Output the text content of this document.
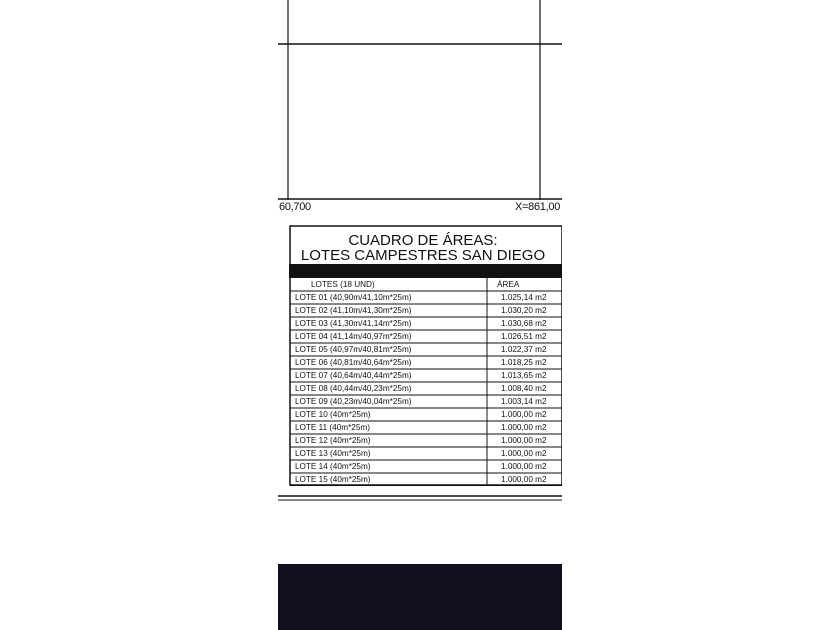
60,700	X=861,00
CUADRO DE ÁREAS:
LOTES CAMPESTRES SAN DIEGO
LOTES (18 UND)	ÁREA
LOTE 01 (40,90m/41,10m*25m)	1.025,14 m2
LOTE 02 (41,10m/41,30m*25m)	1.030,20 m2
LOTE 03 (41,30m/41,14m*25m)	1.030,68 m2
LOTE 04 (41,14m/40,97m*25m)	1.026,51 m2
LOTE 05 (40,97m/40,81m*25m)	1.022,37 m2
LOTE 06 (40,81m/40,64m*25m)	1.018,25 m2
LOTE 07 (40,64m/40,44m*25m)	1.013,65 m2
LOTE 08 (40,44m/40,23m*25m)	1.008,40 m2
LOTE 09 (40,23m/40,04m*25m)	1.003,14 m2
LOTE 10 (40m*25m)	1.000,00 m2
LOTE 11 (40m*25m)	1.000,00 m2
LOTE 12 (40m*25m)	1.000,00 m2
LOTE 13 (40m*25m)	1.000,00 m2
LOTE 14 (40m*25m)	1.000,00 m2
LOTE 15 (40m*25m)	1.000,00 m2
